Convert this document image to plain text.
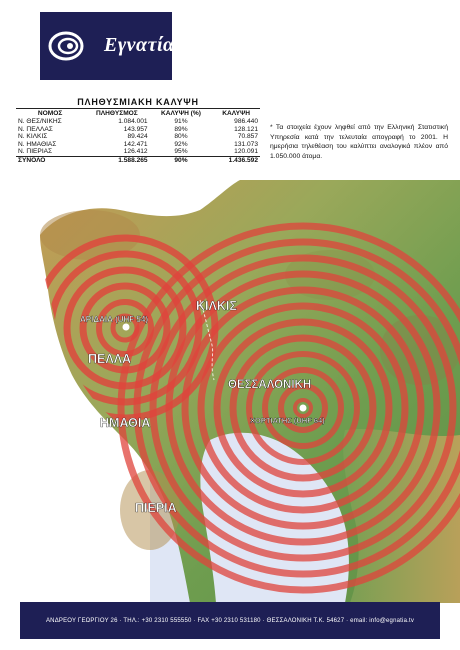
Εγνατία
ΠΛΗΘΥΣΜΙΑΚΗ ΚΑΛΥΨΗ
ΝΟΜΟΣ	ΠΛΗΘΥΣΜΟΣ	ΚΑΛΥΨΗ (%)	ΚΑΛΥΨΗ
Ν. ΘΕΣ/ΝΙΚΗΣ	1.084.001	91%	986.440
Ν. ΠΕΛΛΑΣ	143.957	89%	128.121
Ν. ΚΙΛΚΙΣ	89.424	80%	70.857
Ν. ΗΜΑΘΙΑΣ	142.471	92%	131.073
Ν. ΠΙΕΡΙΑΣ	126.412	95%	120.091
ΣΥΝΟΛΟ	1.588.265	90%	1.436.592
* Τα στοιχεία έχουν ληφθεί από την Ελληνική Στατιστική Υπηρεσία κατά την τελευταία απογραφή το 2001. Η ημερήσια τηλεθέαση του καλύπτει αναλογικά πλέον από 1.050.000 άτομα.
ΑΡΙΔΑΙΑ (UHF 54)
ΠΕΛΛΑ
ΚΙΛΚΙΣ
ΘΕΣΣΑΛΟΝΙΚΗ
ΧΟΡΤΙΑΤΗΣ (UHF 64)
ΗΜΑΘΙΑ
ΠΙΕΡΙΑ
ΑΝΔΡΕΟΥ ΓΕΩΡΓΙΟΥ 26 · ΤΗΛ.: +30 2310 555550 · FAX +30 2310 531180 · ΘΕΣΣΑΛΟΝΙΚΗ Τ.Κ. 54627 · email: info@egnatia.tv
